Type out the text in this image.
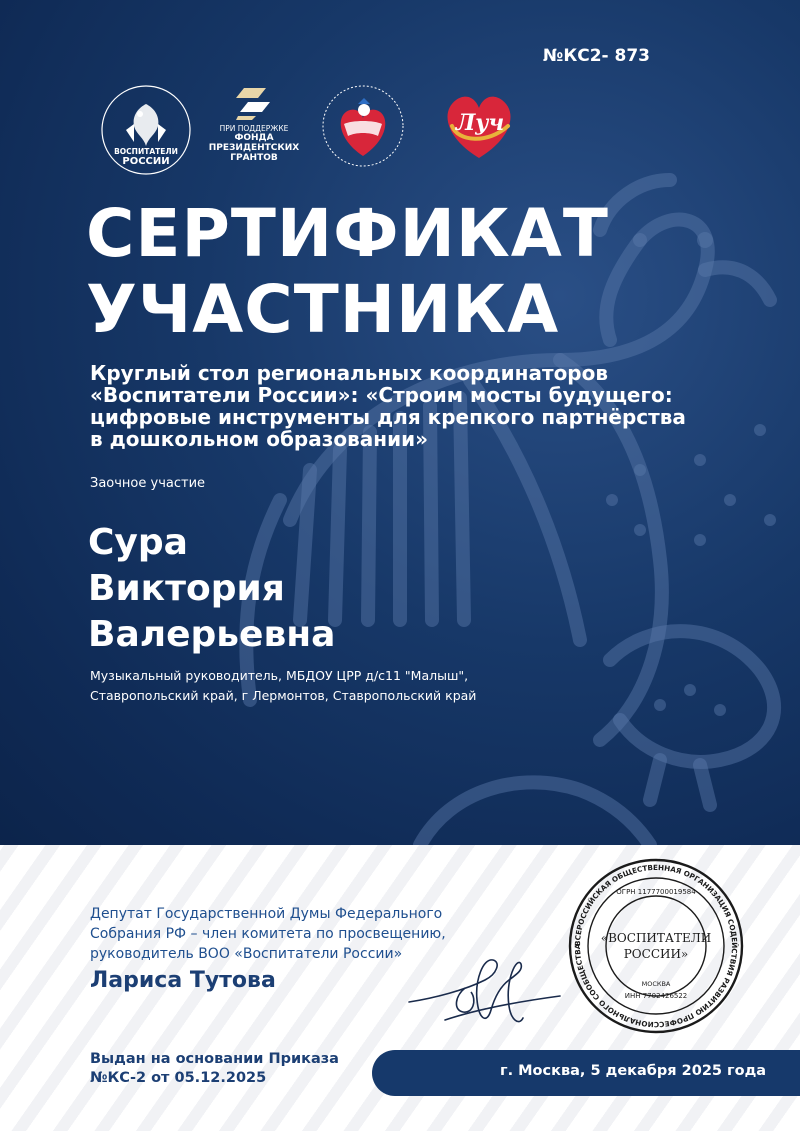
№КС2- 873
ВОСПИТАТЕЛИ
РОССИИ
ПРИ ПОДДЕРЖКЕ
ФОНДА
ПРЕЗИДЕНТСКИХ
ГРАНТОВ
Луч
СЕРТИФИКАТ
УЧАСТНИКА
Круглый стол региональных координаторов
«Воспитатели России»: «Строим мосты будущего:
цифровые инструменты для крепкого партнёрства
в дошкольном образовании»
Заочное участие
Сура
Виктория
Валерьевна
Музыкальный руководитель, МБДОУ ЦРР д/с11 "Малыш",
Ставропольский край, г Лермонтов, Ставропольский край
Депутат Государственной Думы Федерального
Собрания РФ – член комитета по просвещению,
руководитель ВОО «Воспитатели России»
Лариса Тутова
ВСЕРОССИЙСКАЯ ОБЩЕСТВЕННАЯ ОРГАНИЗАЦИЯ СОДЕЙСТВИЯ РАЗВИТИЮ ПРОФЕССИОНАЛЬНОГО СООБЩЕСТВА
«ВОСПИТАТЕЛИ
РОССИИ»
ОГРН 1177700019584
ИНН 7702426522
МОСКВА
Выдан на основании Приказа
№КС-2 от 05.12.2025	г. Москва, 5 декабря 2025 года
